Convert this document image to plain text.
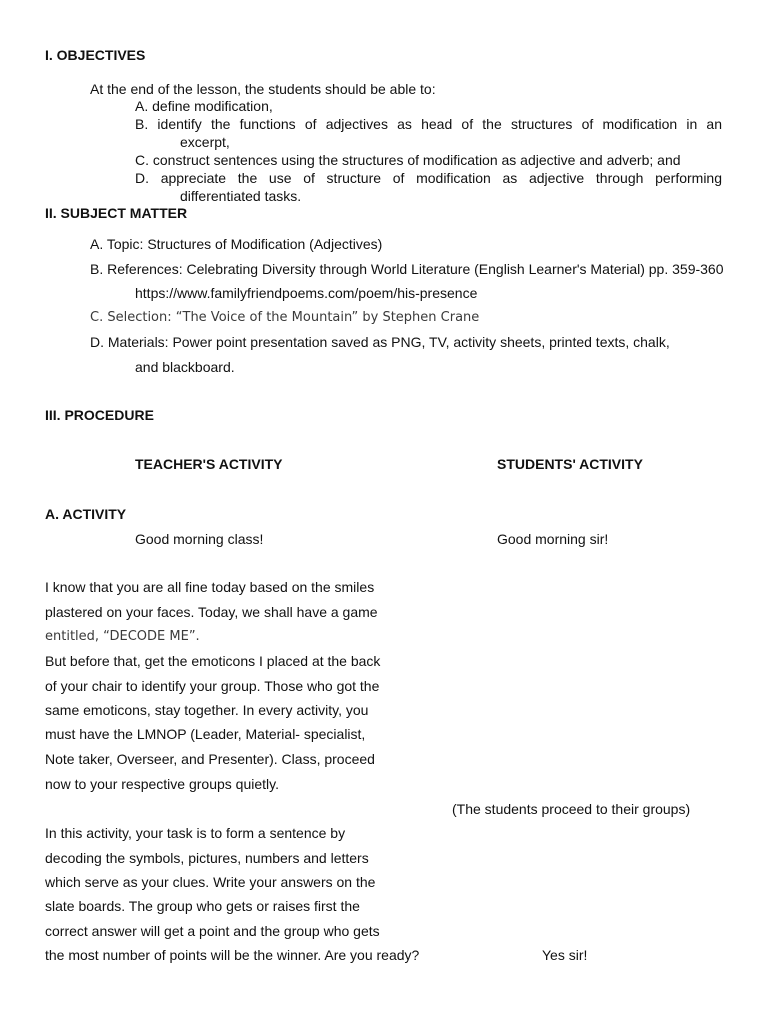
I. OBJECTIVES
At the end of the lesson, the students should be able to:
A. define modification,
B. identify the functions of adjectives as head of the structures of modification in an
excerpt,
C. construct sentences using the structures of modification as adjective and adverb; and
D. appreciate the use of structure of modification as adjective through performing
differentiated tasks.
II. SUBJECT MATTER
A. Topic: Structures of Modification (Adjectives)
B. References: Celebrating Diversity through World Literature (English Learner's Material) pp. 359-360
https://www.familyfriendpoems.com/poem/his-presence
C. Selection: “The Voice of the Mountain” by Stephen Crane
D. Materials: Power point presentation saved as PNG, TV, activity sheets, printed texts, chalk,
and blackboard.
III. PROCEDURE
TEACHER'S ACTIVITY	STUDENTS' ACTIVITY
A. ACTIVITY
Good morning class!	Good morning sir!
I know that you are all fine today based on the smiles
plastered on your faces. Today, we shall have a game
entitled, “DECODE ME”.
But before that, get the emoticons I placed at the back
of your chair to identify your group. Those who got the
same emoticons, stay together. In every activity, you
must have the LMNOP (Leader, Material- specialist,
Note taker, Overseer, and Presenter). Class, proceed
now to your respective groups quietly.
(The students proceed to their groups)
In this activity, your task is to form a sentence by
decoding the symbols, pictures, numbers and letters
which serve as your clues. Write your answers on the
slate boards. The group who gets or raises first the
correct answer will get a point and the group who gets
the most number of points will be the winner. Are you ready?	Yes sir!
